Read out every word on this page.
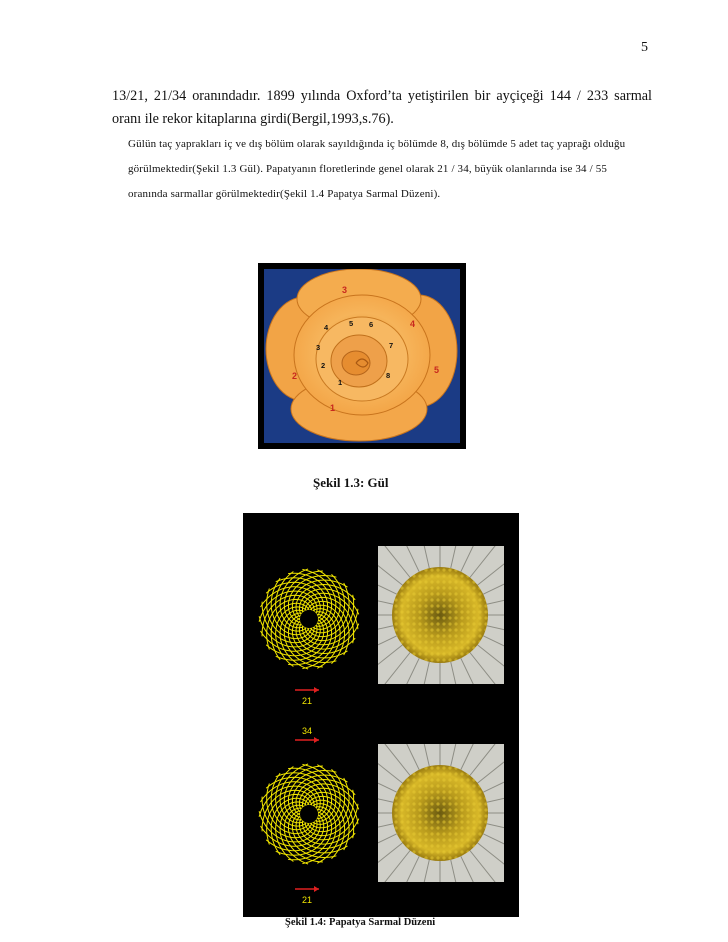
5
13/21, 21/34 oranındadır. 1899 yılında Oxford’ta yetiştirilen bir ayçiçeği 144 / 233 sarmal
oranı ile rekor kitaplarına girdi(Bergil,1993,s.76).
Gülün taç yaprakları iç ve dış bölüm olarak sayıldığında iç bölümde 8, dış bölümde 5 adet taç yaprağı olduğu
görülmektedir(Şekil 1.3 Gül). Papatyanın floretlerinde genel olarak 21 / 34, büyük olanlarında ise 34 / 55
oranında sarmallar görülmektedir(Şekil 1.4 Papatya Sarmal Düzeni).
3
4
2
5
1
4	5 6
3	7
2
8
1
Şekil 1.3: Gül
21
34
21
Şekil 1.4: Papatya Sarmal Düzeni
